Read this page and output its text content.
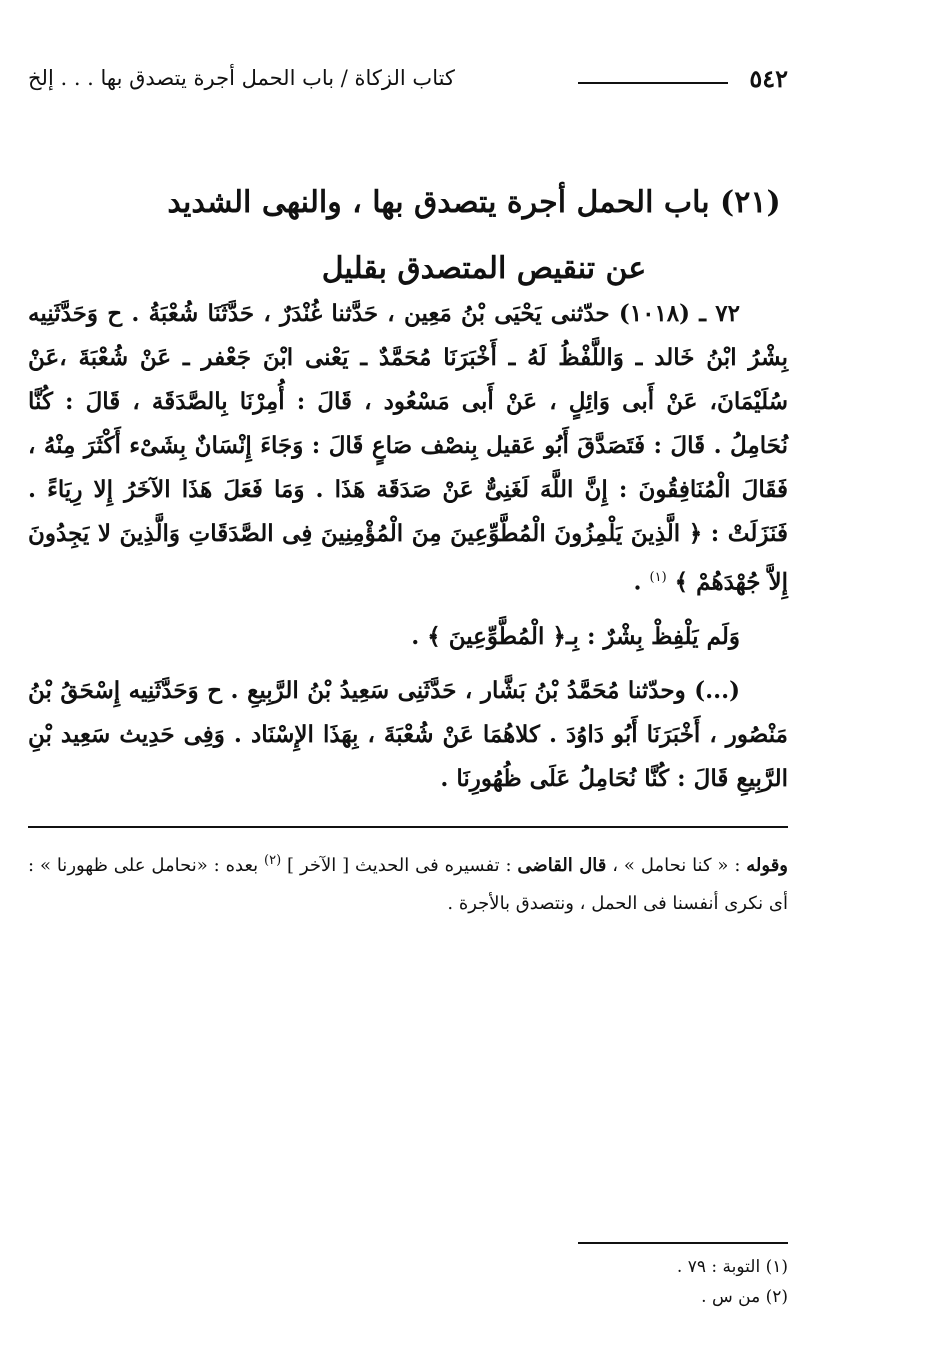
٥٤٢
كتاب الزكاة / باب الحمل أجرة يتصدق بها . . . إلخ
(٢١) باب الحمل أجرة يتصدق بها ، والنهى الشديد
عن تنقيص المتصدق بقليل

٧٢ ـ (١٠١٨) حدّثنى يَحْيَى بْنُ مَعِين ، حَدَّثنا غُنْدَرٌ ، حَدَّثَنَا شُعْبَةُ . ح وَحَدَّثَنِيه بِشْرُ ابْنُ خَالد ـ وَاللَّفْظُ لَهُ ـ أَخْبَرَنَا مُحَمَّدٌ ـ يَعْنى ابْنَ جَعْفر ـ عَنْ شُعْبَةَ ،عَنْ سُلَيْمَانَ، عَنْ أَبى وَائِلٍ ، عَنْ أَبى مَسْعُود ، قَالَ : أُمِرْنَا بِالصَّدَقَة ، قَالَ : كُنَّا نُحَامِلُ . قَالَ : فَتَصَدَّقَ أَبُو عَقيل بِنصْف صَاعٍ قَالَ : وَجَاءَ إِنْسَانٌ بِشَىْء أَكْثَرَ مِنْهُ ، فَقَالَ الْمُنَافِقُونَ : إِنَّ اللَّهَ لَغَنِىٌّ عَنْ صَدَقَة هَذَا . وَمَا فَعَلَ هَذَا الآخَرُ إِلا رِيَاءً . فَنَزَلَتْ : ﴿ الَّذِينَ يَلْمِزُونَ الْمُطَّوِّعِينَ مِنَ الْمُؤْمِنِينَ فِى الصَّدَقَاتِ وَالَّذِينَ لا يَجِدُونَ إِلاَّ جُهْدَهُمْ ﴾ $^{(١)}$ .

وَلَم يَلْفِظْ بِشْرٌ : بِـ﴿ الْمُطَّوِّعِينَ ﴾ .

(...) وحدّثنا مُحَمَّدُ بْنُ بَشَّار ، حَدَّثَنِى سَعِيدُ بْنُ الرَّبِيعِ . ح وَحَدَّثَنِيه إِسْحَقُ بْنُ مَنْصُور ، أَخْبَرَنَا أَبُو دَاوُدَ . كلاهُمَا عَنْ شُعْبَةَ ، بِهَذَا الإِسْنَاد . وَفِى حَدِيث سَعِيد بْنِ الرَّبِيعِ قَالَ : كُنَّا نُحَامِلُ عَلَى ظُهُورِنَا .

وقوله : « كنا نحامل » ، قال القاضى : تفسيره فى الحديث [ الآخر ] $^{(٢)}$ بعده : «نحامل على ظهورنا » : أى نكرى أنفسنا فى الحمل ، ونتصدق بالأجرة .
(١) التوبة : ٧٩ .
(٢) من س .
